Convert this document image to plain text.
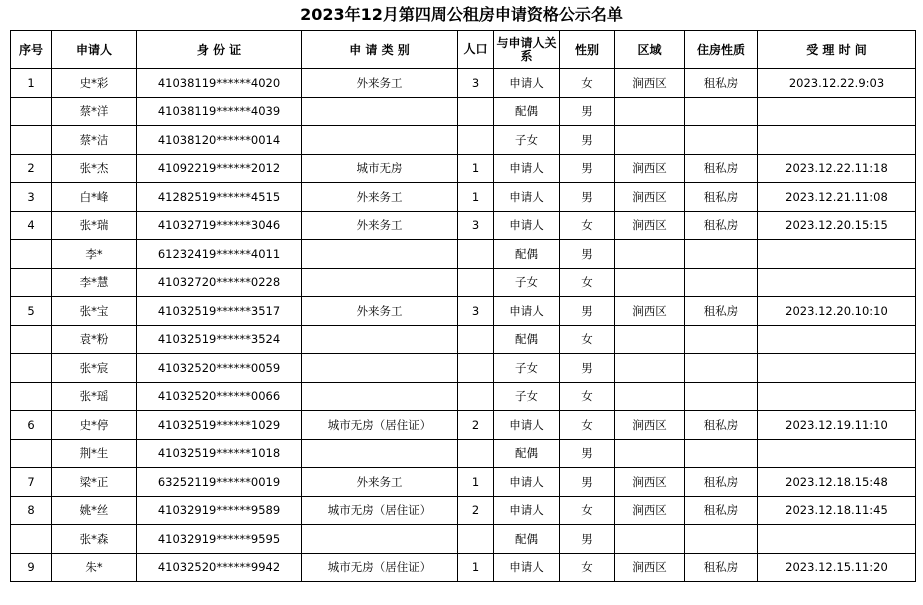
2023年12月第四周公租房申请资格公示名单
序号	申请人	身 份 证	申 请 类 别	人口	与申请人关系	性别	区域	住房性质	受 理 时 间
1	史*彩	41038119******4020	外来务工	3	申请人	女	涧西区	租私房	2023.12.22.9:03
	蔡*洋	41038119******4039			配偶	男			
	蔡*洁	41038120******0014			子女	男			
2	张*杰	41092219******2012	城市无房	1	申请人	男	涧西区	租私房	2023.12.22.11:18
3	白*峰	41282519******4515	外来务工	1	申请人	男	涧西区	租私房	2023.12.21.11:08
4	张*瑞	41032719******3046	外来务工	3	申请人	女	涧西区	租私房	2023.12.20.15:15
	李*	61232419******4011			配偶	男			
	李*慧	41032720******0228			子女	女			
5	张*宝	41032519******3517	外来务工	3	申请人	男	涧西区	租私房	2023.12.20.10:10
	袁*粉	41032519******3524			配偶	女			
	张*宸	41032520******0059			子女	男			
	张*瑶	41032520******0066			子女	女			
6	史*停	41032519******1029	城市无房（居住证）	2	申请人	女	涧西区	租私房	2023.12.19.11:10
	荆*生	41032519******1018			配偶	男			
7	梁*正	63252119******0019	外来务工	1	申请人	男	涧西区	租私房	2023.12.18.15:48
8	姚*丝	41032919******9589	城市无房（居住证）	2	申请人	女	涧西区	租私房	2023.12.18.11:45
	张*森	41032919******9595			配偶	男			
9	朱*	41032520******9942	城市无房（居住证）	1	申请人	女	涧西区	租私房	2023.12.15.11:20
